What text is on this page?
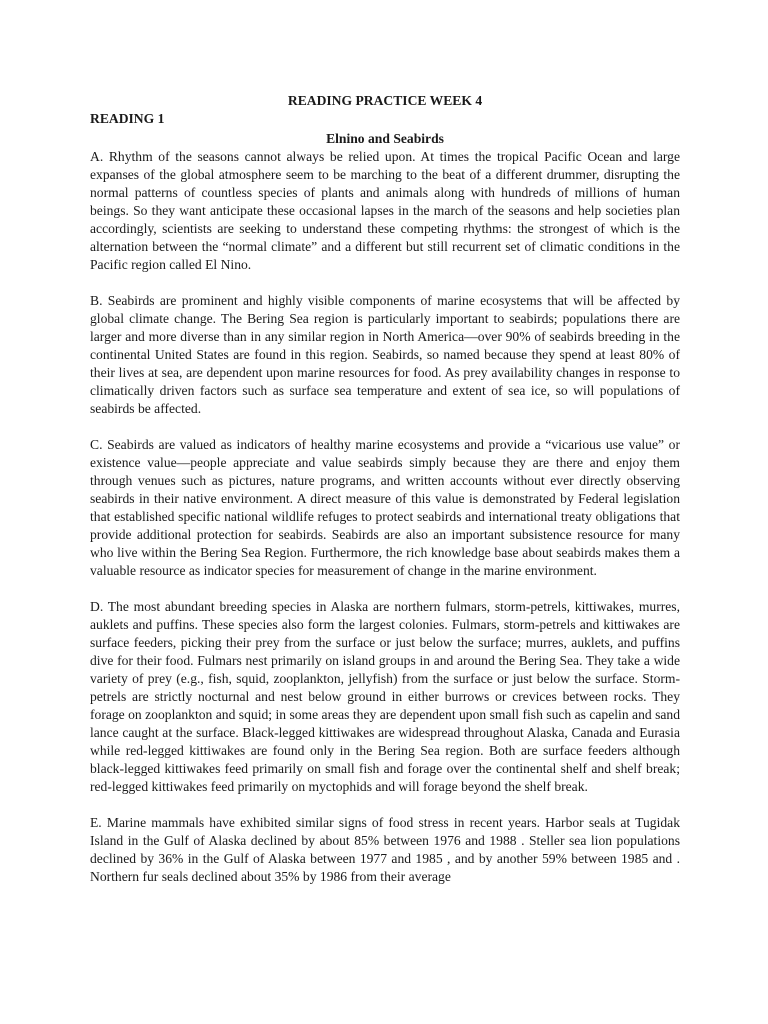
READING PRACTICE WEEK 4
READING 1
Elnino and Seabirds

A. Rhythm of the seasons cannot always be relied upon. At times the tropical Pacific Ocean and large expanses of the global atmosphere seem to be marching to the beat of a different drummer, disrupting the normal patterns of countless species of plants and animals along with hundreds of millions of human beings. So they want anticipate these occasional lapses in the march of the seasons and help societies plan accordingly, scientists are seeking to understand these competing rhythms: the strongest of which is the alternation between the “normal climate” and a different but still recurrent set of climatic conditions in the Pacific region called El Nino.

B. Seabirds are prominent and highly visible components of marine ecosystems that will be affected by global climate change. The Bering Sea region is particularly important to seabirds; populations there are larger and more diverse than in any similar region in North America—over 90% of seabirds breeding in the continental United States are found in this region. Seabirds, so named because they spend at least 80% of their lives at sea, are dependent upon marine resources for food. As prey availability changes in response to climatically driven factors such as surface sea temperature and extent of sea ice, so will populations of seabirds be affected.

C. Seabirds are valued as indicators of healthy marine ecosystems and provide a “vicarious use value” or existence value—people appreciate and value seabirds simply because they are there and enjoy them through venues such as pictures, nature programs, and written accounts without ever directly observing seabirds in their native environment. A direct measure of this value is demonstrated by Federal legislation that established specific national wildlife refuges to protect seabirds and international treaty obligations that provide additional protection for seabirds. Seabirds are also an important subsistence resource for many who live within the Bering Sea Region. Furthermore, the rich knowledge base about seabirds makes them a valuable resource as indicator species for measurement of change in the marine environment.

D. The most abundant breeding species in Alaska are northern fulmars, storm-petrels, kittiwakes, murres, auklets and puffins. These species also form the largest colonies. Fulmars, storm-petrels and kittiwakes are surface feeders, picking their prey from the surface or just below the surface; murres, auklets, and puffins dive for their food. Fulmars nest primarily on island groups in and around the Bering Sea. They take a wide variety of prey (e.g., fish, squid, zooplankton, jellyfish) from the surface or just below the surface. Storm-petrels are strictly nocturnal and nest below ground in either burrows or crevices between rocks. They forage on zooplankton and squid; in some areas they are dependent upon small fish such as capelin and sand lance caught at the surface. Black-legged kittiwakes are widespread throughout Alaska, Canada and Eurasia while red-legged kittiwakes are found only in the Bering Sea region. Both are surface feeders although black-legged kittiwakes feed primarily on small fish and forage over the continental shelf and shelf break; red-legged kittiwakes feed primarily on myctophids and will forage beyond the shelf break.

E. Marine mammals have exhibited similar signs of food stress in recent years. Harbor seals at Tugidak Island in the Gulf of Alaska declined by about 85% between 1976 and 1988 . Steller sea lion populations declined by 36% in the Gulf of Alaska between 1977 and 1985 , and by another 59% between 1985 and . Northern fur seals declined about 35% by 1986 from their average
